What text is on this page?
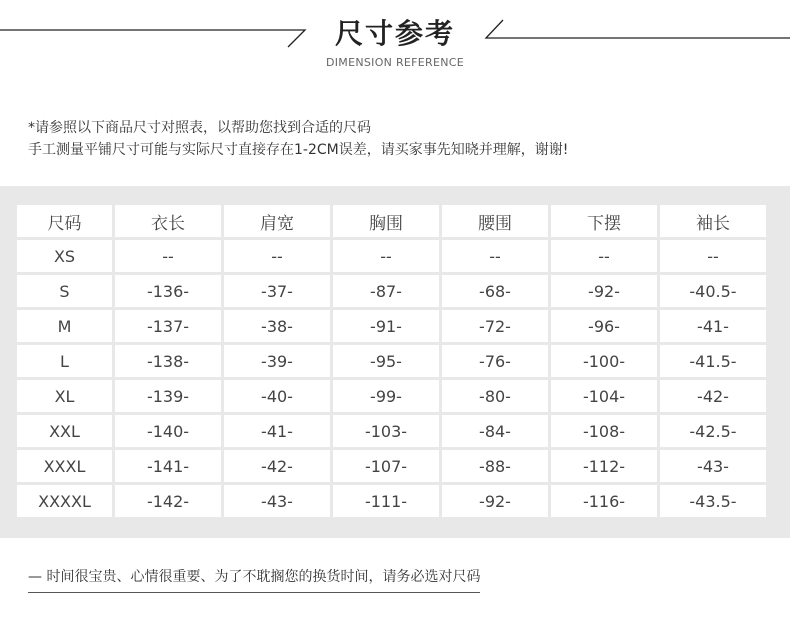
尺寸参考
DIMENSION REFERENCE
*请参照以下商品尺寸对照表，以帮助您找到合适的尺码
手工测量平铺尺寸可能与实际尺寸直接存在1-2CM误差，请买家事先知晓并理解，谢谢!
尺码	衣长	肩宽	胸围	腰围	下摆	袖长
XS	--	--	--	--	--	--
S	-136-	-37-	-87-	-68-	-92-	-40.5-
M	-137-	-38-	-91-	-72-	-96-	-41-
L	-138-	-39-	-95-	-76-	-100-	-41.5-
XL	-139-	-40-	-99-	-80-	-104-	-42-
XXL	-140-	-41-	-103-	-84-	-108-	-42.5-
XXXL	-141-	-42-	-107-	-88-	-112-	-43-
XXXXL	-142-	-43-	-111-	-92-	-116-	-43.5-
— 时间很宝贵、心情很重要、为了不耽搁您的换货时间，请务必选对尺码
